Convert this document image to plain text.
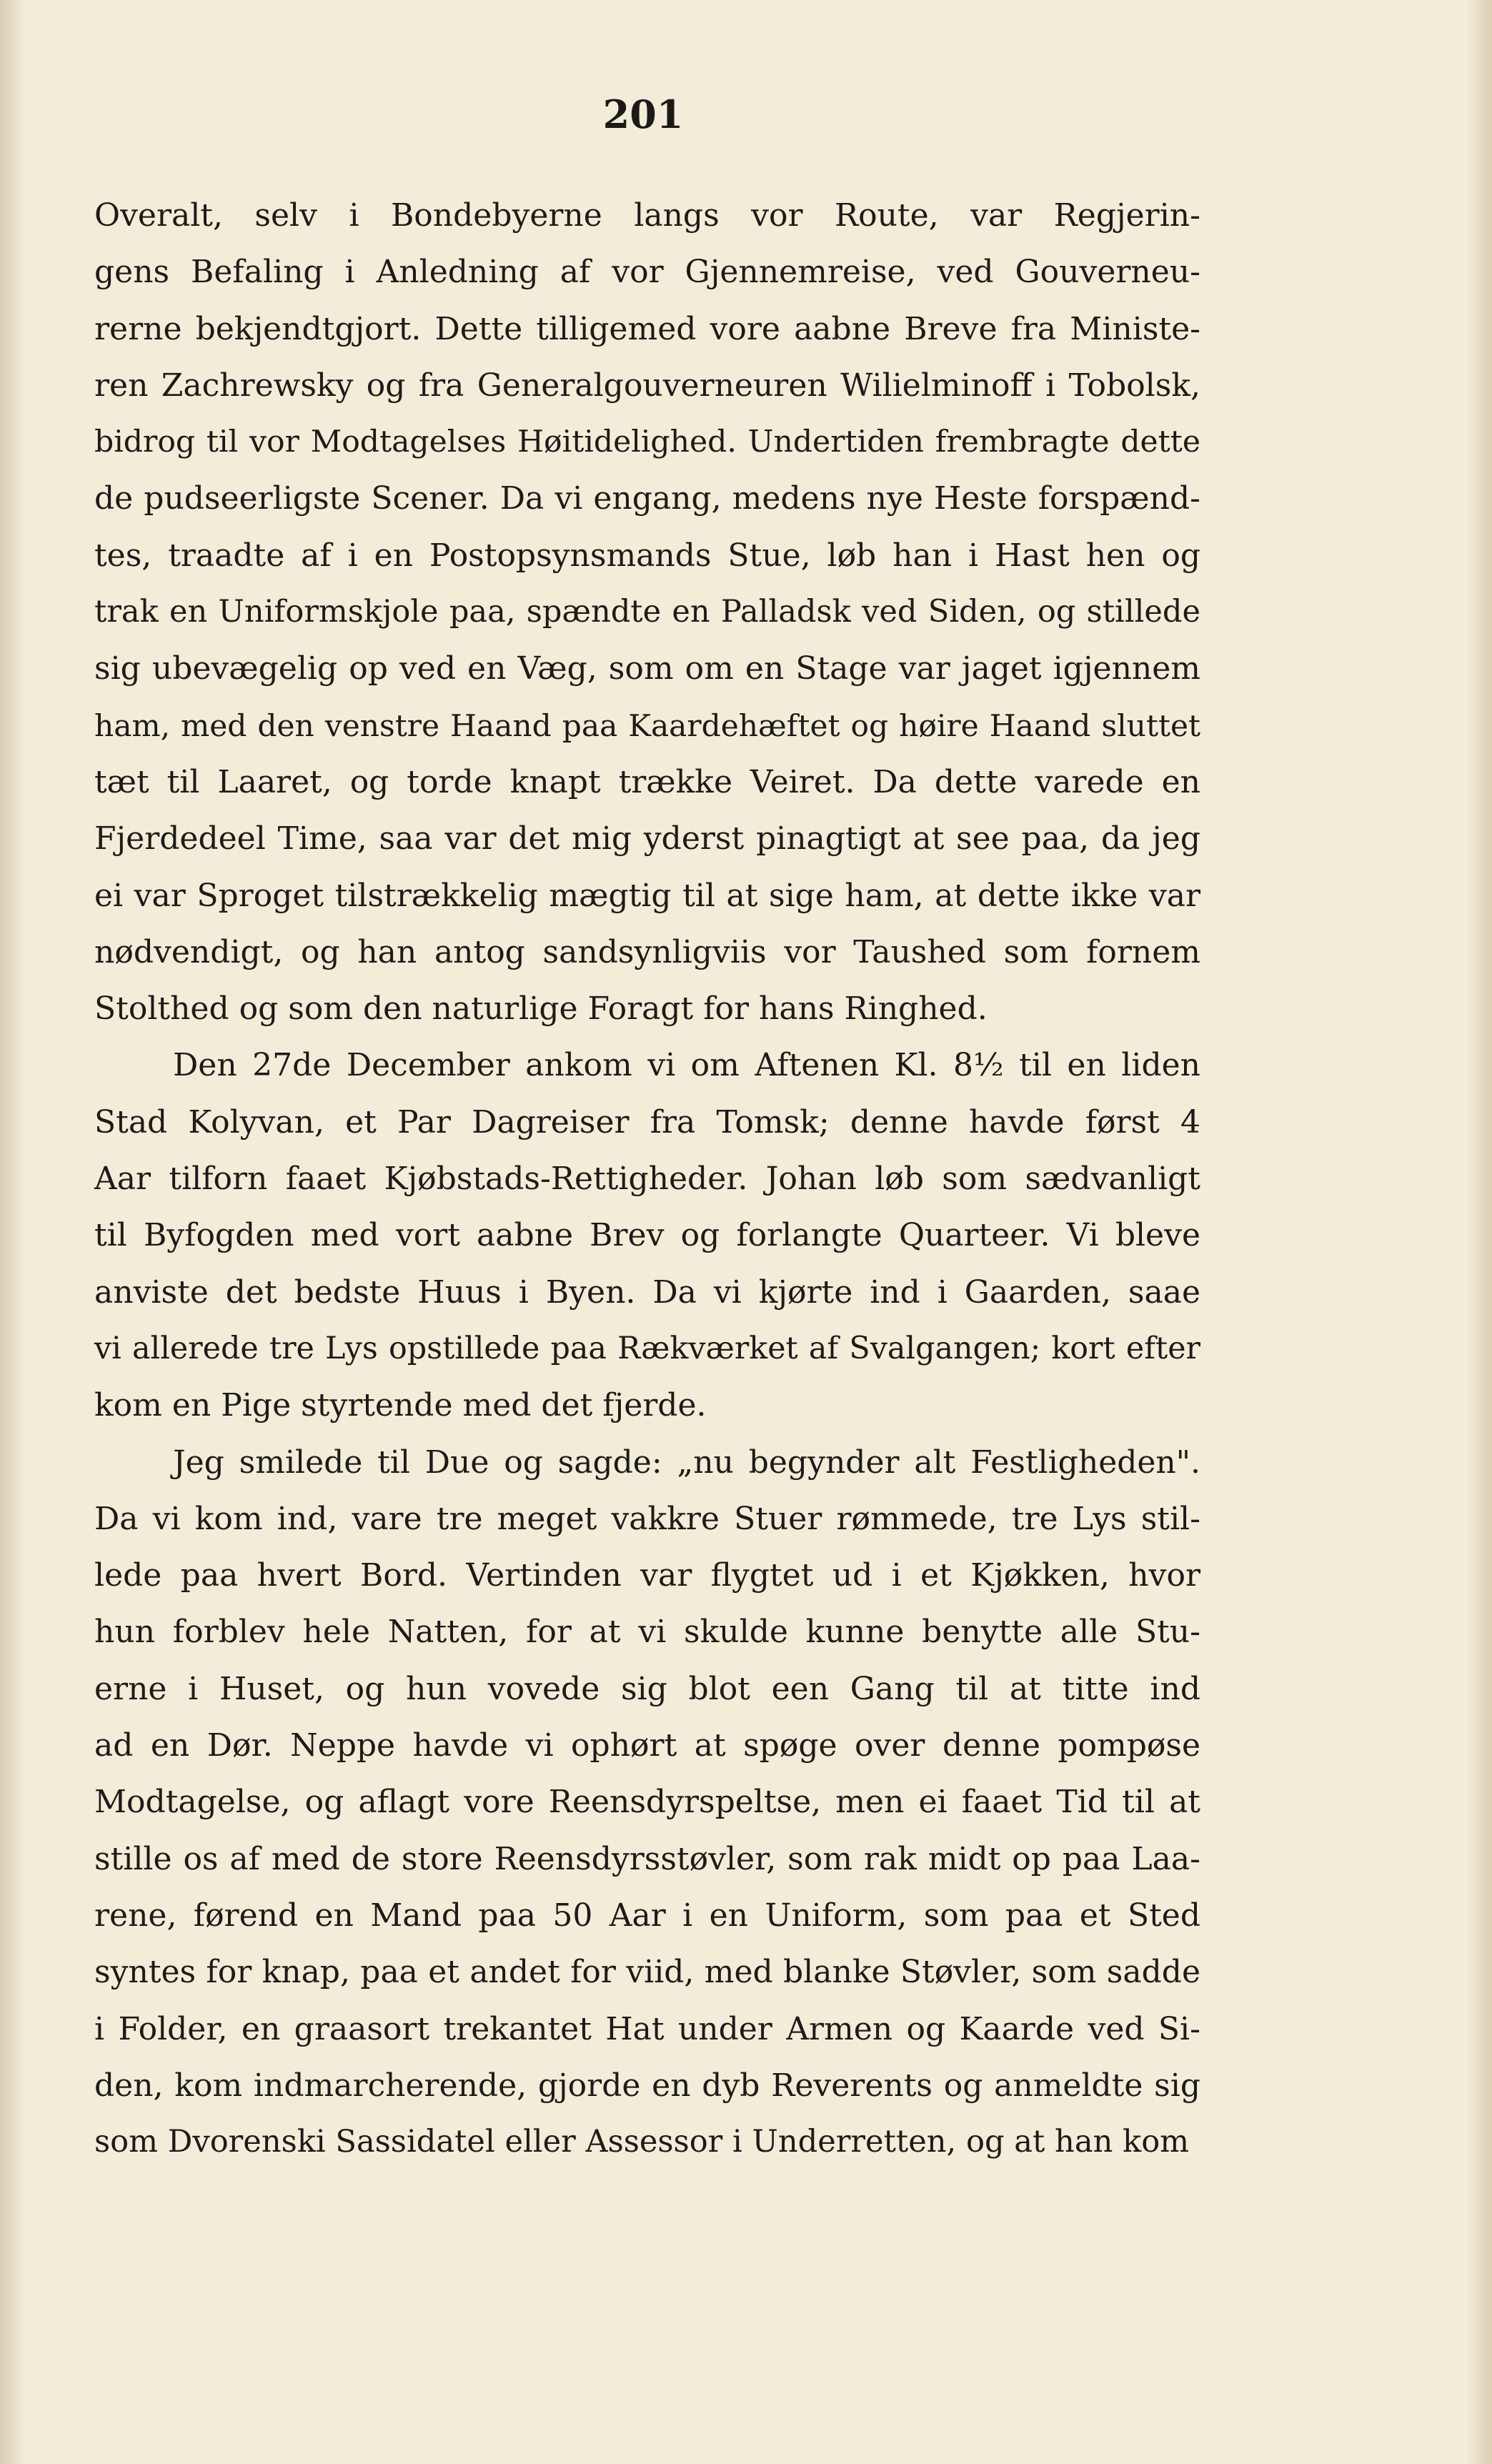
201
Overalt, selv i Bondebyerne langs vor Route, var Regjerin-
gens Befaling i Anledning af vor Gjennemreise, ved Gouverneu-
rerne bekjendtgjort. Dette tilligemed vore aabne Breve fra Ministe-
ren Zachrewsky og fra Generalgouverneuren Wilielminoff i Tobolsk,
bidrog til vor Modtagelses Høitidelighed. Undertiden frembragte dette
de pudseerligste Scener. Da vi engang, medens nye Heste forspænd-
tes, traadte af i en Postopsynsmands Stue, løb han i Hast hen og
trak en Uniformskjole paa, spændte en Palladsk ved Siden, og stillede
sig ubevægelig op ved en Væg, som om en Stage var jaget igjennem
ham, med den venstre Haand paa Kaardehæftet og høire Haand sluttet
tæt til Laaret, og torde knapt trække Veiret. Da dette varede en
Fjerdedeel Time, saa var det mig yderst pinagtigt at see paa, da jeg
ei var Sproget tilstrækkelig mægtig til at sige ham, at dette ikke var
nødvendigt, og han antog sandsynligviis vor Taushed som fornem
Stolthed og som den naturlige Foragt for hans Ringhed.
Den 27de December ankom vi om Aftenen Kl. 8½ til en liden
Stad Kolyvan, et Par Dagreiser fra Tomsk; denne havde først 4
Aar tilforn faaet Kjøbstads-Rettigheder. Johan løb som sædvanligt
til Byfogden med vort aabne Brev og forlangte Quarteer. Vi bleve
anviste det bedste Huus i Byen. Da vi kjørte ind i Gaarden, saae
vi allerede tre Lys opstillede paa Rækværket af Svalgangen; kort efter
kom en Pige styrtende med det fjerde.
Jeg smilede til Due og sagde: „nu begynder alt Festligheden".
Da vi kom ind, vare tre meget vakkre Stuer rømmede, tre Lys stil-
lede paa hvert Bord. Vertinden var flygtet ud i et Kjøkken, hvor
hun forblev hele Natten, for at vi skulde kunne benytte alle Stu-
erne i Huset, og hun vovede sig blot een Gang til at titte ind
ad en Dør. Neppe havde vi ophørt at spøge over denne pompøse
Modtagelse, og aflagt vore Reensdyrspeltse, men ei faaet Tid til at
stille os af med de store Reensdyrsstøvler, som rak midt op paa Laa-
rene, førend en Mand paa 50 Aar i en Uniform, som paa et Sted
syntes for knap, paa et andet for viid, med blanke Støvler, som sadde
i Folder, en graasort trekantet Hat under Armen og Kaarde ved Si-
den, kom indmarcherende, gjorde en dyb Reverents og anmeldte sig
som Dvorenski Sassidatel eller Assessor i Underretten, og at han kom
